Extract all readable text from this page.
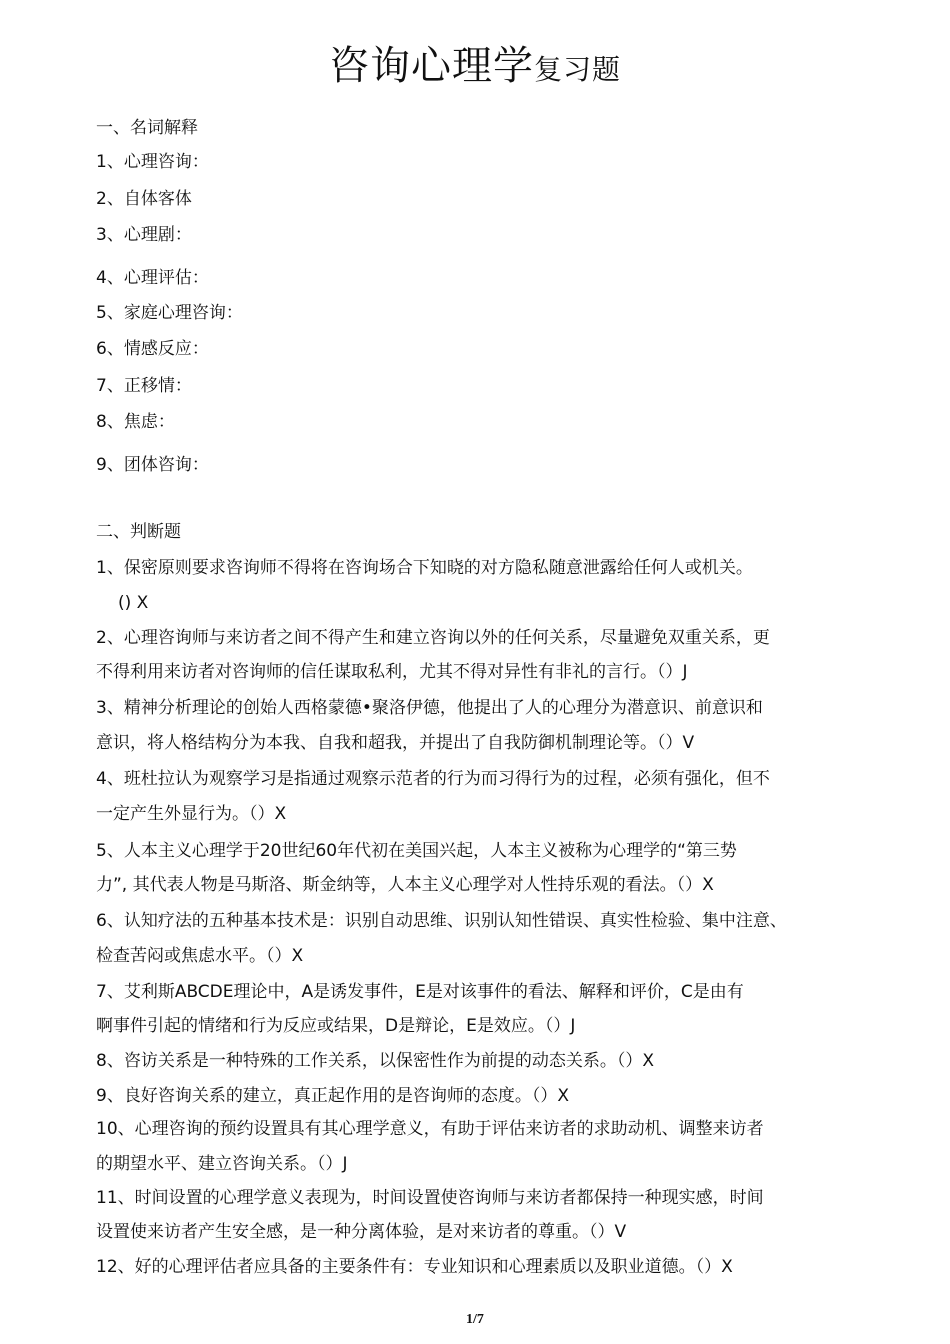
咨询心理学复习题
一、名词解释
1、心理咨询：
2、自体客体
3、心理剧：
4、心理评估：
5、家庭心理咨询：
6、情感反应：
7、正移情：
8、焦虑：
9、团体咨询：
二、判断题
1、保密原则要求咨询师不得将在咨询场合下知晓的对方隐私随意泄露给任何人或机关。
() X
2、心理咨询师与来访者之间不得产生和建立咨询以外的任何关系，尽量避免双重关系，更
不得利用来访者对咨询师的信任谋取私利，尤其不得对异性有非礼的言行。（）J
3、精神分析理论的创始人西格蒙德•聚洛伊德，他提出了人的心理分为潜意识、前意识和
意识，将人格结构分为本我、自我和超我，并提出了自我防御机制理论等。（）V
4、班杜拉认为观察学习是指通过观察示范者的行为而习得行为的过程，必须有强化，但不
一定产生外显行为。（）X
5、人本主义心理学于20世纪60年代初在美国兴起，人本主义被称为心理学的“第三势
力”, 其代表人物是马斯洛、斯金纳等，人本主义心理学对人性持乐观的看法。（）X
6、认知疗法的五种基本技术是：识别自动思维、识别认知性错误、真实性检验、集中注意、
检查苦闷或焦虑水平。（）X
7、艾利斯ABCDE理论中，A是诱发事件，E是对该事件的看法、解释和评价，C是由有
啊事件引起的情绪和行为反应或结果，D是辩论，E是效应。（）J
8、咨访关系是一种特殊的工作关系，以保密性作为前提的动态关系。（）X
9、良好咨询关系的建立，真正起作用的是咨询师的态度。（）X
10、心理咨询的预约设置具有其心理学意义，有助于评估来访者的求助动机、调整来访者
的期望水平、建立咨询关系。（）J
11、时间设置的心理学意义表现为，时间设置使咨询师与来访者都保持一种现实感，时间
设置使来访者产生安全感，是一种分离体验，是对来访者的尊重。（）V
12、好的心理评估者应具备的主要条件有：专业知识和心理素质以及职业道德。（）X
1/7
